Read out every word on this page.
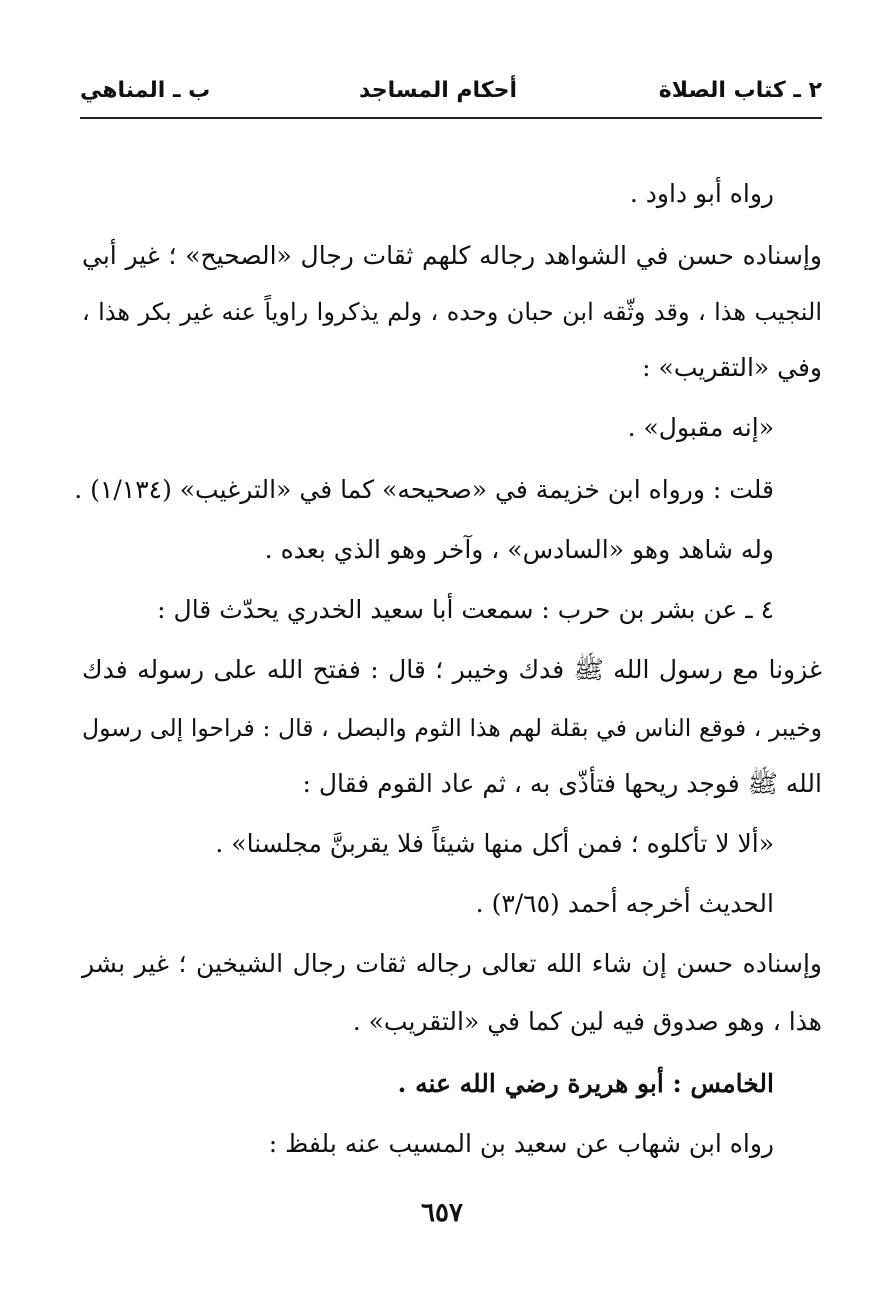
٢ ـ كتاب الصلاة
أحكام المساجد
ب ـ المناهي
رواه أبو داود .
وإسناده حسن في الشواهد رجاله كلهم ثقات رجال «الصحيح» ؛ غير أبي
النجيب هذا ، وقد وثّقه ابن حبان وحده ، ولم يذكروا راوياً عنه غير بكر هذا ،
وفي «التقريب» :
«إنه مقبول» .
قلت : ورواه ابن خزيمة في «صحيحه» كما في «الترغيب» (١/١٣٤) .
وله شاهد وهو «السادس» ، وآخر وهو الذي بعده .
٤ ـ عن بشر بن حرب : سمعت أبا سعيد الخدري يحدّث قال :
غزونا مع رسول الله ﷺ فدك وخيبر ؛ قال : ففتح الله على رسوله فدك
وخيبر ، فوقع الناس في بقلة لهم هذا الثوم والبصل ، قال : فراحوا إلى رسول
الله ﷺ فوجد ريحها فتأذّى به ، ثم عاد القوم فقال :
«ألا لا تأكلوه ؛ فمن أكل منها شيئاً فلا يقربنَّ مجلسنا» .
الحديث أخرجه أحمد (٣/٦٥) .
وإسناده حسن إن شاء الله تعالى رجاله ثقات رجال الشيخين ؛ غير بشر
هذا ، وهو صدوق فيه لين كما في «التقريب» .
الخامس : أبو هريرة رضي الله عنه .
رواه ابن شهاب عن سعيد بن المسيب عنه بلفظ :
٦٥٧
